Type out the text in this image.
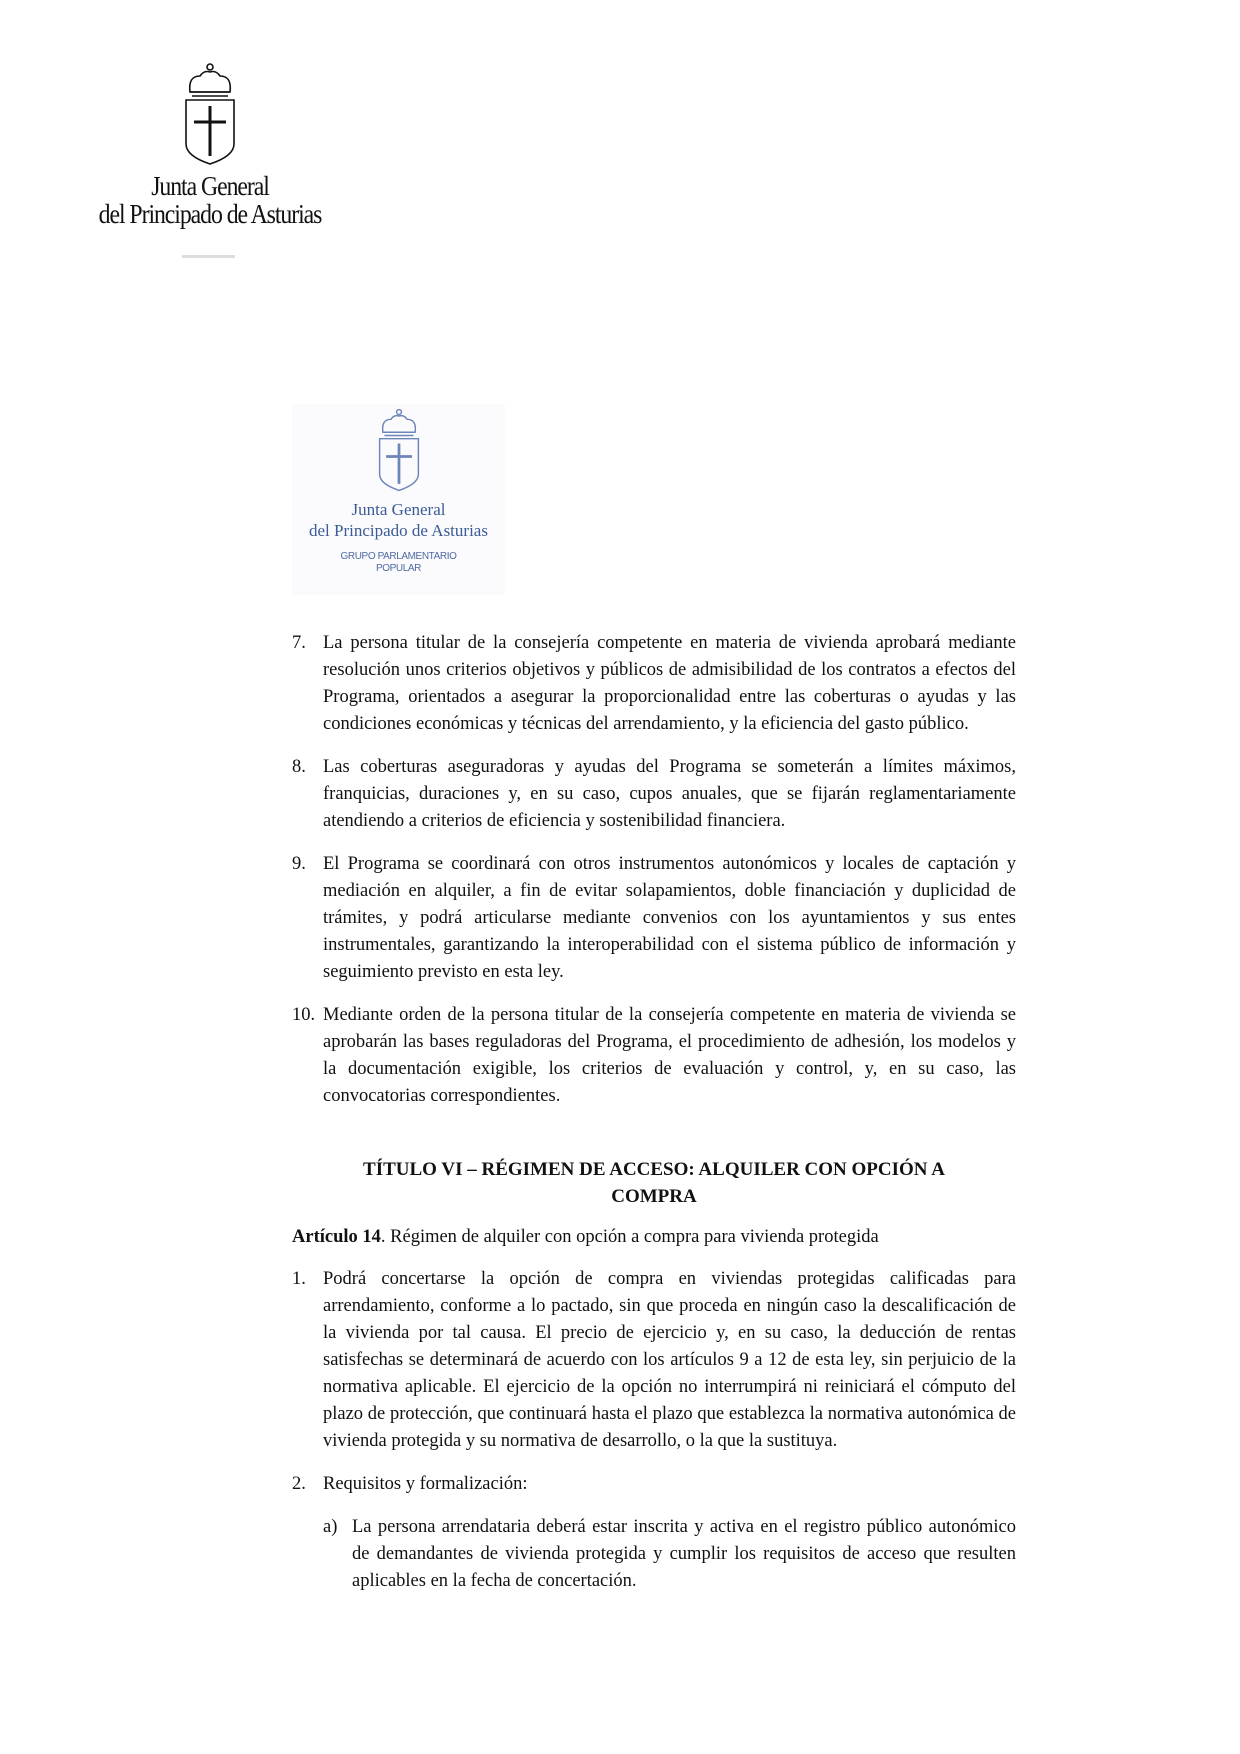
Junta General
del Principado de Asturias
Junta General
del Principado de Asturias
GRUPO PARLAMENTARIO
POPULAR
7. La persona titular de la consejería competente en materia de vivienda aprobará mediante resolución unos criterios objetivos y públicos de admisibilidad de los contratos a efectos del Programa, orientados a asegurar la proporcionalidad entre las coberturas o ayudas y las condiciones económicas y técnicas del arrendamiento, y la eficiencia del gasto público.
8. Las coberturas aseguradoras y ayudas del Programa se someterán a límites máximos, franquicias, duraciones y, en su caso, cupos anuales, que se fijarán reglamentariamente atendiendo a criterios de eficiencia y sostenibilidad financiera.
9. El Programa se coordinará con otros instrumentos autonómicos y locales de captación y mediación en alquiler, a fin de evitar solapamientos, doble financiación y duplicidad de trámites, y podrá articularse mediante convenios con los ayuntamientos y sus entes instrumentales, garantizando la interoperabilidad con el sistema público de información y seguimiento previsto en esta ley.
10. Mediante orden de la persona titular de la consejería competente en materia de vivienda se aprobarán las bases reguladoras del Programa, el procedimiento de adhesión, los modelos y la documentación exigible, los criterios de evaluación y control, y, en su caso, las convocatorias correspondientes.
TÍTULO VI – RÉGIMEN DE ACCESO: ALQUILER CON OPCIÓN A COMPRA
Artículo 14. Régimen de alquiler con opción a compra para vivienda protegida
1. Podrá concertarse la opción de compra en viviendas protegidas calificadas para arrendamiento, conforme a lo pactado, sin que proceda en ningún caso la descalificación de la vivienda por tal causa. El precio de ejercicio y, en su caso, la deducción de rentas satisfechas se determinará de acuerdo con los artículos 9 a 12 de esta ley, sin perjuicio de la normativa aplicable. El ejercicio de la opción no interrumpirá ni reiniciará el cómputo del plazo de protección, que continuará hasta el plazo que establezca la normativa autonómica de vivienda protegida y su normativa de desarrollo, o la que la sustituya.
2. Requisitos y formalización:
a) La persona arrendataria deberá estar inscrita y activa en el registro público autonómico de demandantes de vivienda protegida y cumplir los requisitos de acceso que resulten aplicables en la fecha de concertación.
